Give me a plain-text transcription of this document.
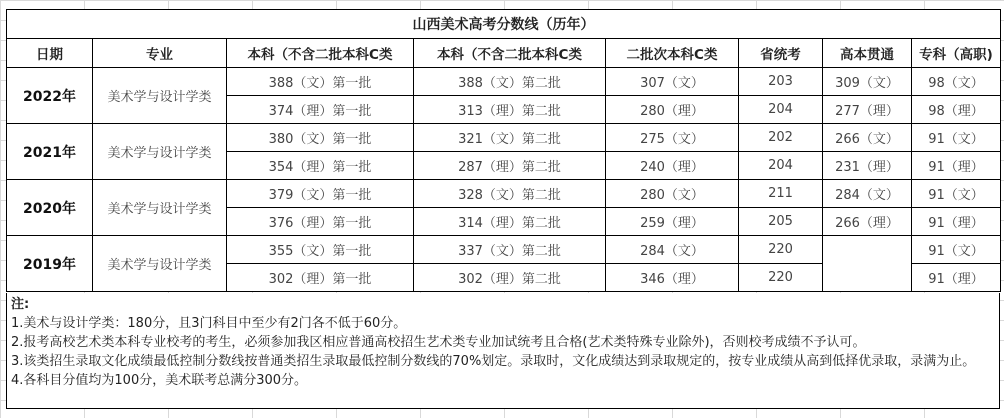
山西美术高考分数线（历年）							
日期	专业	本科（不含二批本科C类	本科（不含二批本科C类	二批次本科C类	省统考	高本贯通	专科（高职)
2022年	美术学与设计学类	388（文）第一批	388（文）第二批	307（文）	203	309（文）	98（文）
		374（理）第一批	313（理）第二批	280（理）	204	277（理）	98（理）
2021年	美术学与设计学类	380（文）第一批	321（文）第二批	275（文）	202	266（文）	91（文）
		354（理）第一批	287（理）第二批	240（理）	204	231（理）	91（理）
2020年	美术学与设计学类	379（文）第一批	328（文）第二批	280（文）	211	284（文）	91（文）
		376（理）第一批	314（理）第二批	259（理）	205	266（理）	91（理）
2019年	美术学与设计学类	355（文）第一批	337（文）第二批	284（文）	220		91（文）
		302（理）第一批	302（理）第二批	346（理）	220		91（理）
注:
1.美术与设计学类：180分，且3门科目中至少有2门各不低于60分。
2.报考高校艺术类本科专业校考的考生，必须参加我区相应普通高校招生艺术类专业加试统考且合格(艺术类特殊专业除外)，否则校考成绩不予认可。
3.该类招生录取文化成绩最低控制分数线按普通类招生录取最低控制分数线的70%划定。录取时，文化成绩达到录取规定的，按专业成绩从高到低择优录取，录满为止。
4.各科目分值均为100分，美术联考总满分300分。
